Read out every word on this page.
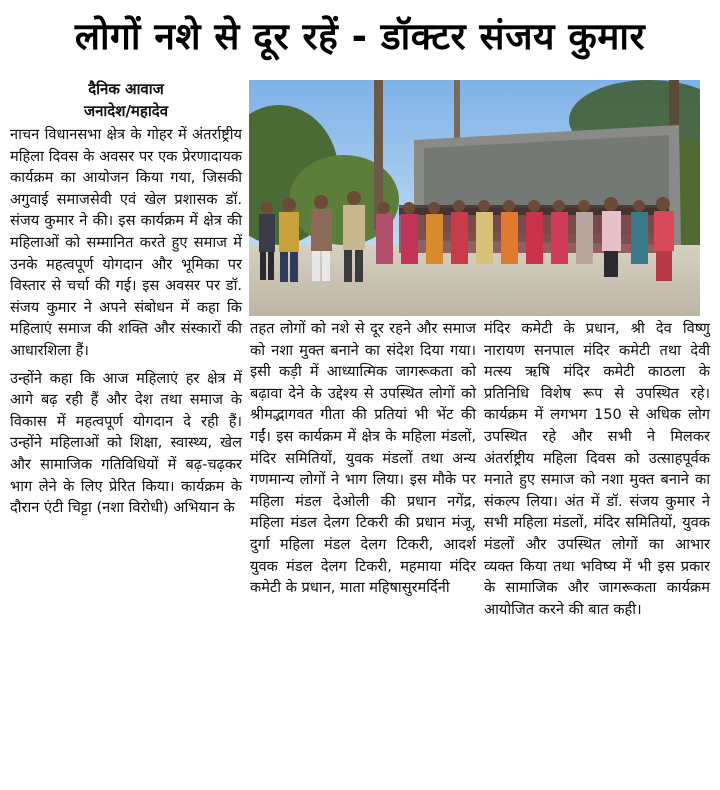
लोगों नशे से दूर रहें - डॉक्टर संजय कुमार
दैनिक आवाज
जनादेश/महादेव

नाचन विधानसभा क्षेत्र के गोहर में अंतर्राष्ट्रीय महिला दिवस के अवसर पर एक प्रेरणादायक कार्यक्रम का आयोजन किया गया, जिसकी अगुवाई समाजसेवी एवं खेल प्रशासक डॉ. संजय कुमार ने की। इस कार्यक्रम में क्षेत्र की महिलाओं को सम्मानित करते हुए समाज में उनके महत्वपूर्ण योगदान और भूमिका पर विस्तार से चर्चा की गई। इस अवसर पर डॉ. संजय कुमार ने अपने संबोधन में कहा कि महिलाएं समाज की शक्ति और संस्कारों की आधारशिला हैं।

उन्होंने कहा कि आज महिलाएं हर क्षेत्र में आगे बढ़ रही हैं और देश तथा समाज के विकास में महत्वपूर्ण योगदान दे रही हैं। उन्होंने महिलाओं को शिक्षा, स्वास्थ्य, खेल और सामाजिक गतिविधियों में बढ़-चढ़कर भाग लेने के लिए प्रेरित किया। कार्यक्रम के दौरान एंटी चिट्टा (नशा विरोधी) अभियान के

तहत लोगों को नशे से दूर रहने और समाज को नशा मुक्त बनाने का संदेश दिया गया। इसी कड़ी में आध्यात्मिक जागरूकता को बढ़ावा देने के उद्देश्य से उपस्थित लोगों को श्रीमद्भागवत गीता की प्रतियां भी भेंट की गईं। इस कार्यक्रम में क्षेत्र के महिला मंडलों, मंदिर समितियों, युवक मंडलों तथा अन्य गणमान्य लोगों ने भाग लिया। इस मौके पर महिला मंडल देओली की प्रधान नगेंद्र, महिला मंडल देलग टिकरी की प्रधान मंजू, दुर्गा महिला मंडल देलग टिकरी, आदर्श युवक मंडल देलग टिकरी, महमाया मंदिर कमेटी के प्रधान, माता महिषासुरमर्दिनी

मंदिर कमेटी के प्रधान, श्री देव विष्णु नारायण सनपाल मंदिर कमेटी तथा देवी मत्स्य ऋषि मंदिर कमेटी काठला के प्रतिनिधि विशेष रूप से उपस्थित रहे। कार्यक्रम में लगभग 150 से अधिक लोग उपस्थित रहे और सभी ने मिलकर अंतर्राष्ट्रीय महिला दिवस को उत्साहपूर्वक मनाते हुए समाज को नशा मुक्त बनाने का संकल्प लिया। अंत में डॉ. संजय कुमार ने सभी महिला मंडलों, मंदिर समितियों, युवक मंडलों और उपस्थित लोगों का आभार व्यक्त किया तथा भविष्य में भी इस प्रकार के सामाजिक और जागरूकता कार्यक्रम आयोजित करने की बात कही।
